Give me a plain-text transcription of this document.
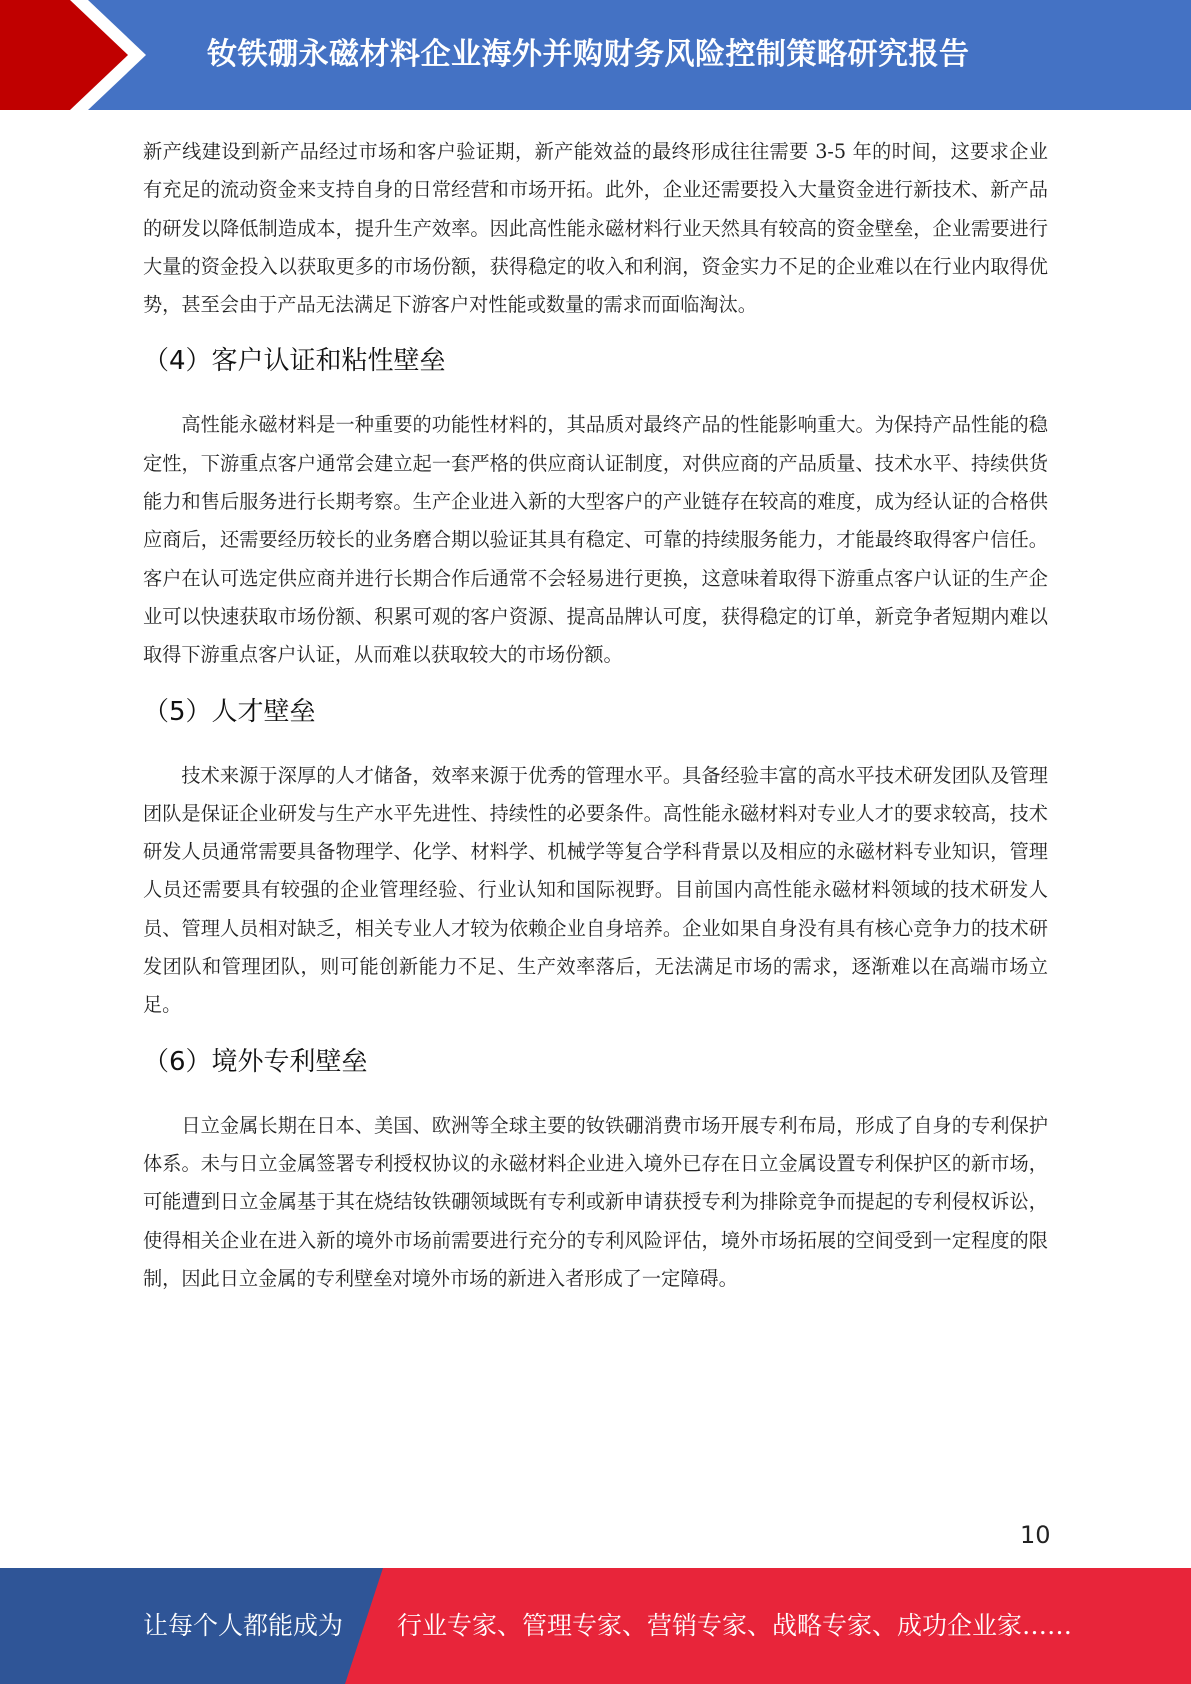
钕铁硼永磁材料企业海外并购财务风险控制策略研究报告

新产线建设到新产品经过市场和客户验证期，新产能效益的最终形成往往需要 3-5 年的时间，这要求企业有充足的流动资金来支持自身的日常经营和市场开拓。此外，企业还需要投入大量资金进行新技术、新产品的研发以降低制造成本，提升生产效率。因此高性能永磁材料行业天然具有较高的资金壁垒，企业需要进行大量的资金投入以获取更多的市场份额，获得稳定的收入和利润，资金实力不足的企业难以在行业内取得优势，甚至会由于产品无法满足下游客户对性能或数量的需求而面临淘汰。

（4）客户认证和粘性壁垒

高性能永磁材料是一种重要的功能性材料的，其品质对最终产品的性能影响重大。为保持产品性能的稳定性，下游重点客户通常会建立起一套严格的供应商认证制度，对供应商的产品质量、技术水平、持续供货能力和售后服务进行长期考察。生产企业进入新的大型客户的产业链存在较高的难度，成为经认证的合格供应商后，还需要经历较长的业务磨合期以验证其具有稳定、可靠的持续服务能力，才能最终取得客户信任。客户在认可选定供应商并进行长期合作后通常不会轻易进行更换，这意味着取得下游重点客户认证的生产企业可以快速获取市场份额、积累可观的客户资源、提高品牌认可度，获得稳定的订单，新竞争者短期内难以取得下游重点客户认证，从而难以获取较大的市场份额。

（5）人才壁垒

技术来源于深厚的人才储备，效率来源于优秀的管理水平。具备经验丰富的高水平技术研发团队及管理团队是保证企业研发与生产水平先进性、持续性的必要条件。高性能永磁材料对专业人才的要求较高，技术研发人员通常需要具备物理学、化学、材料学、机械学等复合学科背景以及相应的永磁材料专业知识，管理人员还需要具有较强的企业管理经验、行业认知和国际视野。目前国内高性能永磁材料领域的技术研发人员、管理人员相对缺乏，相关专业人才较为依赖企业自身培养。企业如果自身没有具有核心竞争力的技术研发团队和管理团队，则可能创新能力不足、生产效率落后，无法满足市场的需求，逐渐难以在高端市场立足。

（6）境外专利壁垒

日立金属长期在日本、美国、欧洲等全球主要的钕铁硼消费市场开展专利布局，形成了自身的专利保护体系。未与日立金属签署专利授权协议的永磁材料企业进入境外已存在日立金属设置专利保护区的新市场，可能遭到日立金属基于其在烧结钕铁硼领域既有专利或新申请获授专利为排除竞争而提起的专利侵权诉讼，使得相关企业在进入新的境外市场前需要进行充分的专利风险评估，境外市场拓展的空间受到一定程度的限制，因此日立金属的专利壁垒对境外市场的新进入者形成了一定障碍。

10
让每个人都能成为 行业专家、管理专家、营销专家、战略专家、成功企业家……
